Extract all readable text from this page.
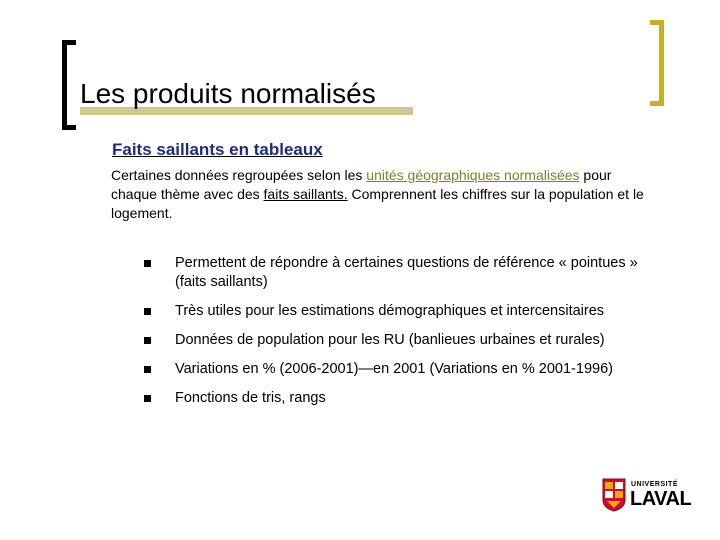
Les produits normalisés
Faits saillants en tableaux
Certaines données regroupées selon les unités géographiques normalisées pour chaque thème avec des faits saillants. Comprennent les chiffres sur la population et le logement.
Permettent de répondre à certaines questions de référence « pointues » (faits saillants)
Très utiles pour les estimations démographiques et intercensitaires
Données de population pour les RU (banlieues urbaines et rurales)
Variations en % (2006-2001)—en 2001 (Variations en % 2001-1996)
Fonctions de tris, rangs
UNIVERSITÉ
LAVAL
